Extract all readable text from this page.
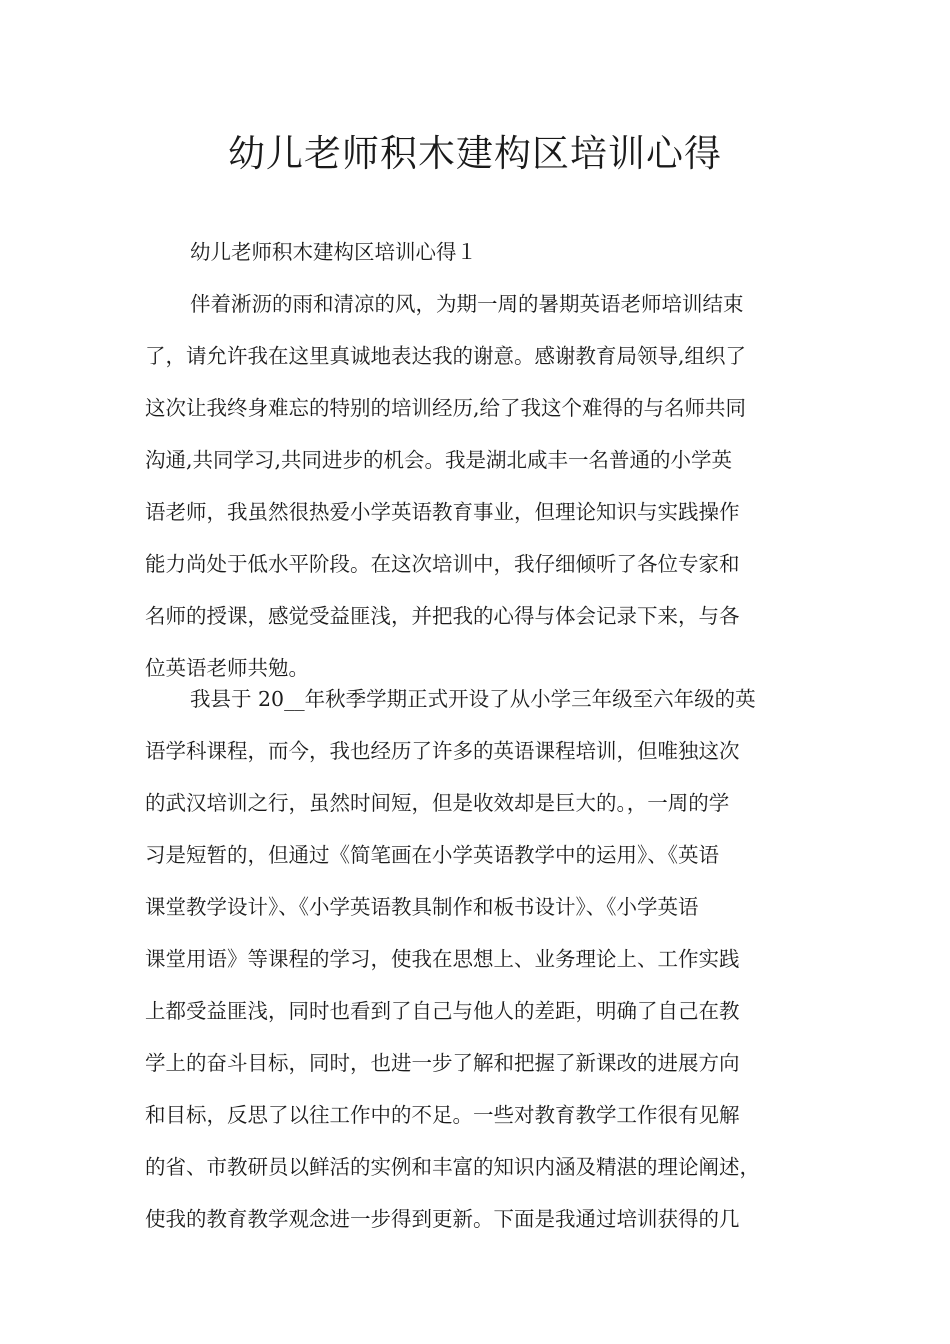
幼儿老师积木建构区培训心得
幼儿老师积木建构区培训心得１
伴着淅沥的雨和清凉的风，为期一周的暑期英语老师培训结束
了，请允许我在这里真诚地表达我的谢意。感谢教育局领导,组织了
这次让我终身难忘的特别的培训经历,给了我这个难得的与名师共同
沟通,共同学习,共同进步的机会。我是湖北咸丰一名普通的小学英
语老师，我虽然很热爱小学英语教育事业，但理论知识与实践操作
能力尚处于低水平阶段。在这次培训中，我仔细倾听了各位专家和
名师的授课，感觉受益匪浅，并把我的心得与体会记录下来，与各
位英语老师共勉。
我县于 20__年秋季学期正式开设了从小学三年级至六年级的英
语学科课程，而今，我也经历了许多的英语课程培训，但唯独这次
的武汉培训之行，虽然时间短，但是收效却是巨大的。，一周的学
习是短暂的，但通过《简笔画在小学英语教学中的运用》、《英语
课堂教学设计》、《小学英语教具制作和板书设计》、《小学英语
课堂用语》等课程的学习，使我在思想上、业务理论上、工作实践
上都受益匪浅，同时也看到了自己与他人的差距，明确了自己在教
学上的奋斗目标，同时，也进一步了解和把握了新课改的进展方向
和目标，反思了以往工作中的不足。一些对教育教学工作很有见解
的省、市教研员以鲜活的实例和丰富的知识内涵及精湛的理论阐述，
使我的教育教学观念进一步得到更新。下面是我通过培训获得的几
